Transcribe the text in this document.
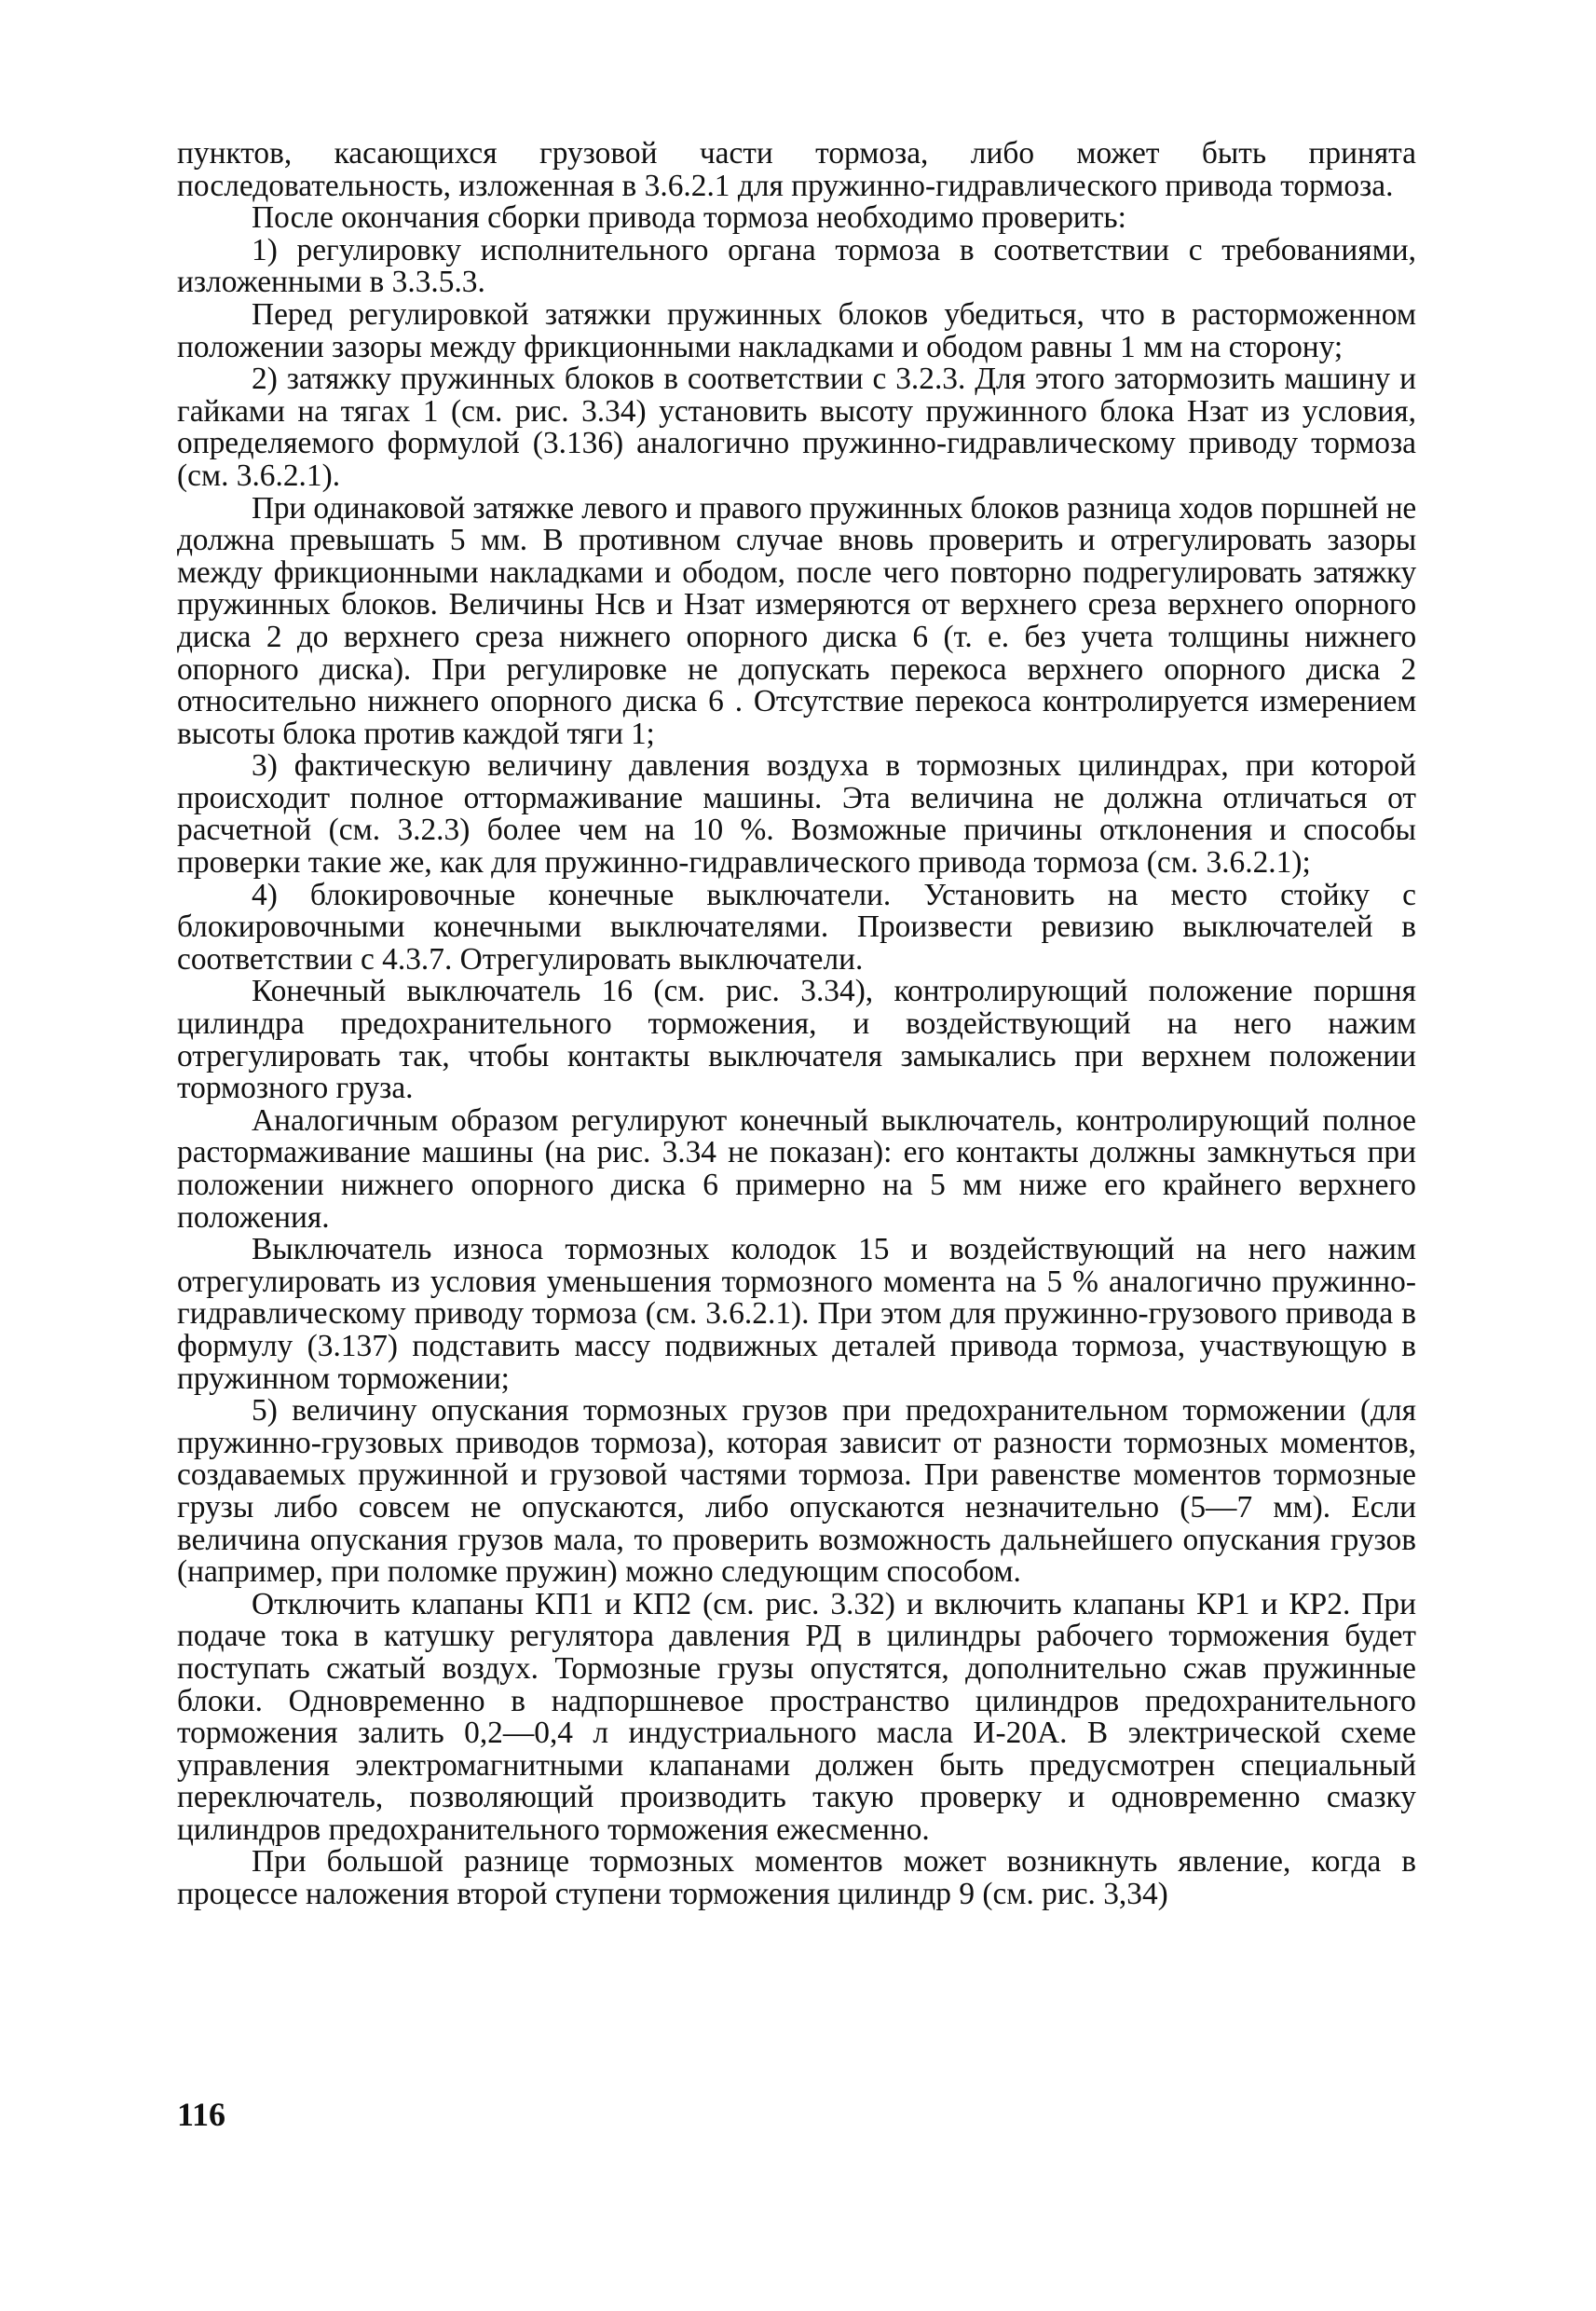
пунктов, касающихся грузовой части тормоза, либо может быть принята последовательность, изложенная в 3.6.2.1 для пружинно-гидравлического привода тормоза.

После окончания сборки привода тормоза необходимо проверить:

1) регулировку исполнительного органа тормоза в соответствии с требованиями, изложенными в 3.3.5.3.

Перед регулировкой затяжки пружинных блоков убедиться, что в расторможенном положении зазоры между фрикционными накладками и ободом равны 1 мм на сторону;

2) затяжку пружинных блоков в соответствии с 3.2.3. Для этого затормозить машину и гайками на тягах 1 (см. рис. 3.34) установить высоту пружинного блока Hзат из условия, определяемого формулой (3.136) аналогично пружинно-гидравлическому приводу тормоза (см. 3.6.2.1).

При одинаковой затяжке левого и правого пружинных блоков разница ходов поршней не должна превышать 5 мм. В противном случае вновь проверить и отрегулировать зазоры между фрикционными накладками и ободом, после чего повторно подрегулировать затяжку пружинных блоков. Величины Hсв и Hзат измеряются от верхнего среза верхнего опорного диска 2 до верхнего среза нижнего опорного диска 6 (т. е. без учета толщины нижнего опорного диска). При регулировке не допускать перекоса верхнего опорного диска 2 относительно нижнего опорного диска 6 . Отсутствие перекоса контролируется измерением высоты блока против каждой тяги 1;

3) фактическую величину давления воздуха в тормозных цилиндрах, при которой происходит полное оттормаживание машины. Эта величина не должна отличаться от расчетной (см. 3.2.3) более чем на 10 %. Возможные причины отклонения и способы проверки такие же, как для пружинно-гидравлического привода тормоза (см. 3.6.2.1);

4) блокировочные конечные выключатели. Установить на место стойку с блокировочными конечными выключателями. Произвести ревизию выключателей в соответствии с 4.3.7. Отрегулировать выключатели.

Конечный выключатель 16 (см. рис. 3.34), контролирующий положение поршня цилиндра предохранительного торможения, и воздействующий на него нажим отрегулировать так, чтобы контакты выключателя замыкались при верхнем положении тормозного груза.

Аналогичным образом регулируют конечный выключатель, контролирующий полное растормаживание машины (на рис. 3.34 не показан): его контакты должны замкнуться при положении нижнего опорного диска 6 примерно на 5 мм ниже его крайнего верхнего положения.

Выключатель износа тормозных колодок 15 и воздействующий на него нажим отрегулировать из условия уменьшения тормозного момента на 5 % аналогично пружинно-гидравлическому приводу тормоза (см. 3.6.2.1). При этом для пружинно-грузового привода в формулу (3.137) подставить массу подвижных деталей привода тормоза, участвующую в пружинном торможении;

5) величину опускания тормозных грузов при предохранительном торможении (для пружинно-грузовых приводов тормоза), которая зависит от разности тормозных моментов, создаваемых пружинной и грузовой частями тормоза. При равенстве моментов тормозные грузы либо совсем не опускаются, либо опускаются незначительно (5—7 мм). Если величина опускания грузов мала, то проверить возможность дальнейшего опускания грузов (например, при поломке пружин) можно следующим способом.

Отключить клапаны КП1 и КП2 (см. рис. 3.32) и включить клапаны КР1 и КР2. При подаче тока в катушку регулятора давления РД в цилиндры рабочего торможения будет поступать сжатый воздух. Тормозные грузы опустятся, дополнительно сжав пружинные блоки. Одновременно в надпоршневое пространство цилиндров предохранительного торможения залить 0,2—0,4 л индустриального масла И-20А. В электрической схеме управления электромагнитными клапанами должен быть предусмотрен специальный переключатель, позволяющий производить такую проверку и одновременно смазку цилиндров предохранительного торможения ежесменно.

При большой разнице тормозных моментов может возникнуть явление, когда в процессе наложения второй ступени торможения цилиндр 9 (см. рис. 3,34)

116
